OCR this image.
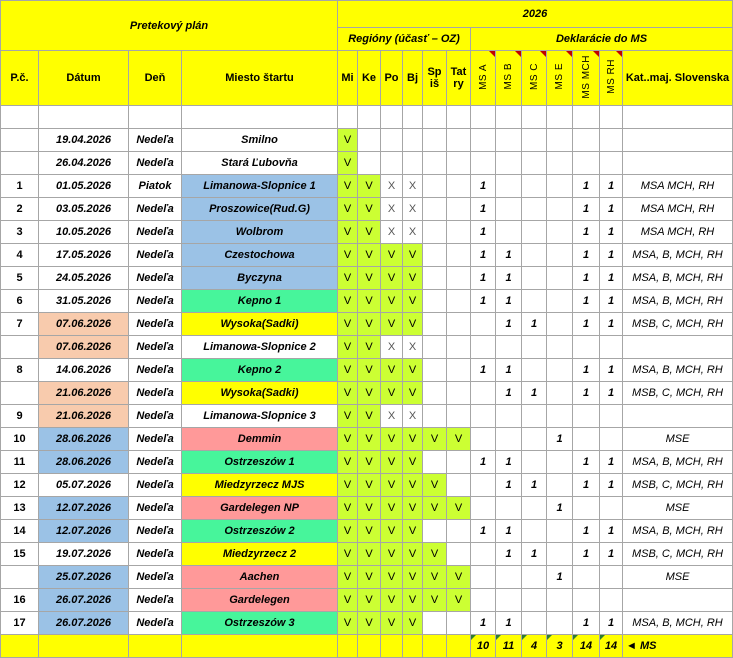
Pretekový plán				2026												
				Regióny (účasť – OZ)						Deklarácie do MS						
P.č.	Dátum	Deň	Miesto štartu	Mi	Ke	Po	Bj	Sp iš	Tat ry	MS A	MS B	MS C	MS E	MS MCH	MS RH	Kat..maj. Slovenska

	19.04.2026	Nedeľa	Smilno	V												
	26.04.2026	Nedeľa	Stará Ľubovňa	V												
1	01.05.2026	Piatok	Limanowa-Slopnice 1	V	V	X	X			1				1	1	MSA MCH, RH
2	03.05.2026	Nedeľa	Proszowice(Rud.G)	V	V	X	X			1				1	1	MSA MCH, RH
3	10.05.2026	Nedeľa	Wolbrom	V	V	X	X			1				1	1	MSA MCH, RH
4	17.05.2026	Nedeľa	Czestochowa	V	V	V	V			1	1			1	1	MSA, B, MCH, RH
5	24.05.2026	Nedeľa	Byczyna	V	V	V	V			1	1			1	1	MSA, B, MCH, RH
6	31.05.2026	Nedeľa	Kepno 1	V	V	V	V			1	1			1	1	MSA, B, MCH, RH
7	07.06.2026	Nedeľa	Wysoka(Sadki)	V	V	V	V				1	1		1	1	MSB, C, MCH, RH
	07.06.2026	Nedeľa	Limanowa-Slopnice 2	V	V	X	X									
8	14.06.2026	Nedeľa	Kepno 2	V	V	V	V			1	1			1	1	MSA, B, MCH, RH
	21.06.2026	Nedeľa	Wysoka(Sadki)	V	V	V	V				1	1		1	1	MSB, C, MCH, RH
9	21.06.2026	Nedeľa	Limanowa-Slopnice 3	V	V	X	X									
10	28.06.2026	Nedeľa	Demmin	V	V	V	V	V	V				1			MSE
11	28.06.2026	Nedeľa	Ostrzeszów 1	V	V	V	V			1	1			1	1	MSA, B, MCH, RH
12	05.07.2026	Nedeľa	Miedzyrzecz MJS	V	V	V	V	V			1	1		1	1	MSB, C, MCH, RH
13	12.07.2026	Nedeľa	Gardelegen NP	V	V	V	V	V	V				1			MSE
14	12.07.2026	Nedeľa	Ostrzeszów 2	V	V	V	V			1	1			1	1	MSA, B, MCH, RH
15	19.07.2026	Nedeľa	Miedzyrzecz 2	V	V	V	V	V			1	1		1	1	MSB, C, MCH, RH
	25.07.2026	Nedeľa	Aachen	V	V	V	V	V	V				1			MSE
16	26.07.2026	Nedeľa	Gardelegen	V	V	V	V	V	V							
17	26.07.2026	Nedeľa	Ostrzeszów 3	V	V	V	V			1	1			1	1	MSA, B, MCH, RH
										10	11	4	3	14	14	◄ MS
